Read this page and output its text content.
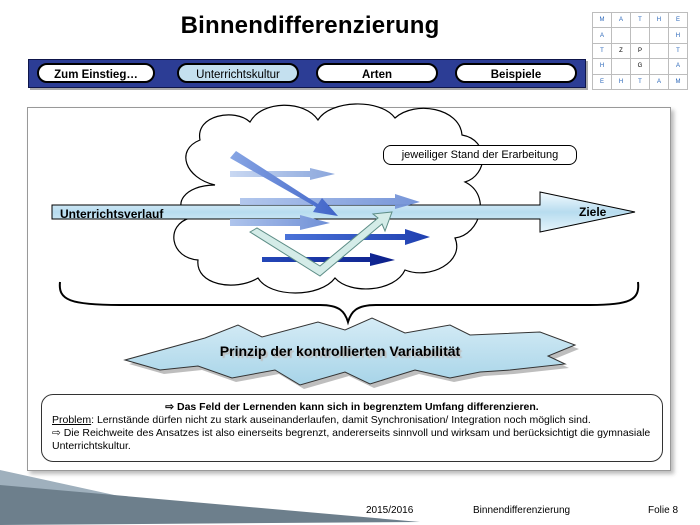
Binnendifferenzierung	M	A	T	H	E
A				H
T	Z	P		T
H		G		A
E	H	T	A	M
Zum Einstieg…	Unterrichtskultur	Arten	Beispiele
jeweiliger Stand der Erarbeitung
Unterrichtsverlauf	Ziele
Prinzip der kontrollierten Variabilität
⇨ Das Feld der Lernenden kann sich in begrenztem Umfang differenzieren.
Problem: Lernstände dürfen nicht zu stark auseinanderlaufen, damit Synchronisation/ Integration noch möglich sind.
⇨ Die Reichweite des Ansatzes ist also einerseits begrenzt, andererseits sinnvoll und wirksam und berücksichtigt die gymnasiale Unterrichtskultur.
2015/2016	Binnendifferenzierung	Folie 8
